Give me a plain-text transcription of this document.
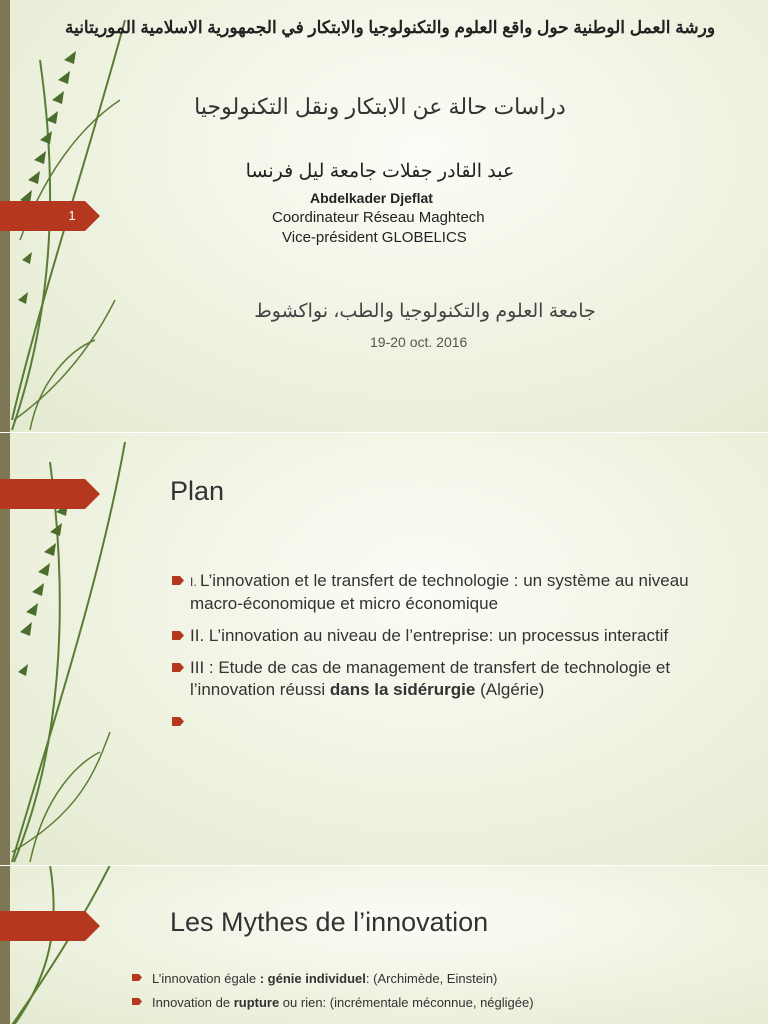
1
ورشة العمل الوطنية حول واقع العلوم والتكنولوجيا والابتكار في الجمهورية الاسلامية الموريتانية
دراسات حالة عن الابتكار ونقل التكنولوجيا
عبد القادر جفلات جامعة ليل فرنسا
Abdelkader Djeflat
Coordinateur Réseau Maghtech
Vice-président GLOBELICS
جامعة العلوم والتكنولوجيا والطب، نواكشوط
19-20 oct. 2016
Plan
I. L’innovation et le transfert de technologie : un système au niveau macro-économique et micro économique
II. L’innovation au niveau de l’entreprise: un processus interactif
III : Etude de cas de management de transfert de technologie et l’innovation réussi dans la sidérurgie (Algérie)

Les Mythes de l’innovation
L’innovation égale : génie individuel: (Archimède, Einstein)
Innovation de rupture ou rien: (incrémentale méconnue, négligée)
